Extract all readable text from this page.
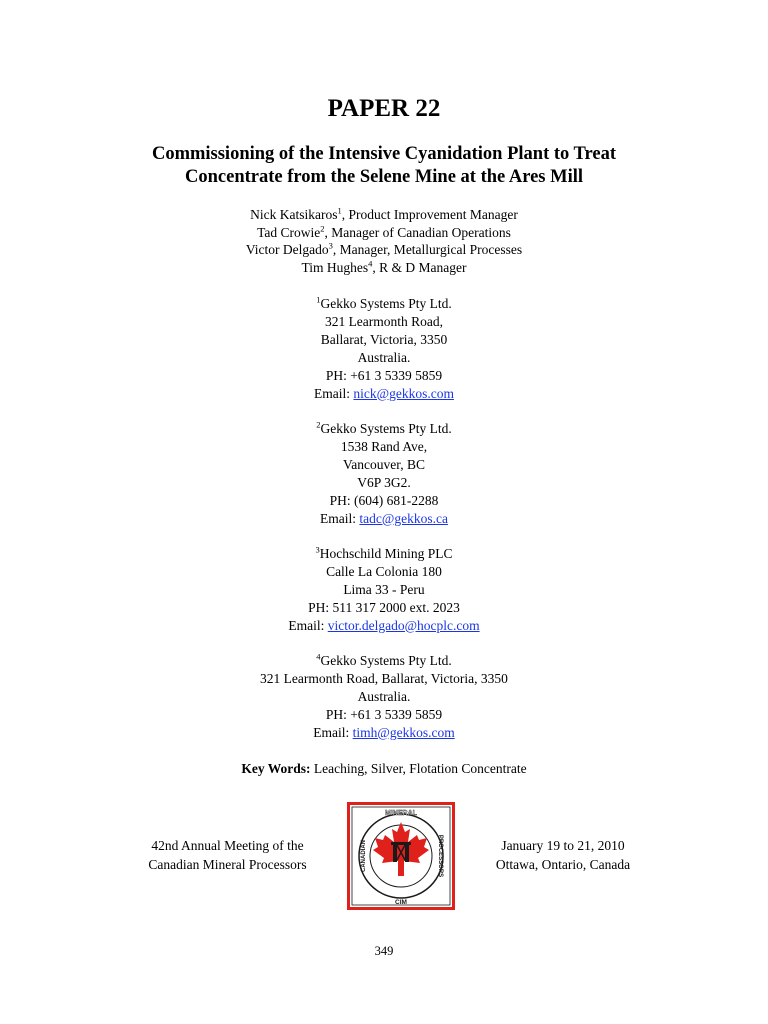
PAPER 22
Commissioning of the Intensive Cyanidation Plant to Treat
Concentrate from the Selene Mine at the Ares Mill
Nick Katsikaros$^1$, Product Improvement Manager
Tad Crowie$^2$, Manager of Canadian Operations
Victor Delgado$^3$, Manager, Metallurgical Processes
Tim Hughes$^4$, R & D Manager
$^1$Gekko Systems Pty Ltd.
321 Learmonth Road,
Ballarat, Victoria, 3350
Australia.
PH: +61 3 5339 5859
Email: nick@gekkos.com
$^2$Gekko Systems Pty Ltd.
1538 Rand Ave,
Vancouver, BC
V6P 3G2.
PH: (604) 681-2288
Email: tadc@gekkos.ca
$^3$Hochschild Mining PLC
Calle La Colonia 180
Lima 33 - Peru
PH: 511 317 2000 ext. 2023
Email: victor.delgado@hocplc.com
$^4$Gekko Systems Pty Ltd.
321 Learmonth Road, Ballarat, Victoria, 3350
Australia.
PH: +61 3 5339 5859
Email: timh@gekkos.com
Key Words: Leaching, Silver, Flotation Concentrate
42nd Annual Meeting of the
Canadian Mineral Processors
MINERAL
CIM
CANADIAN	PROCESSORS	January 19 to 21, 2010
Ottawa, Ontario, Canada
349
